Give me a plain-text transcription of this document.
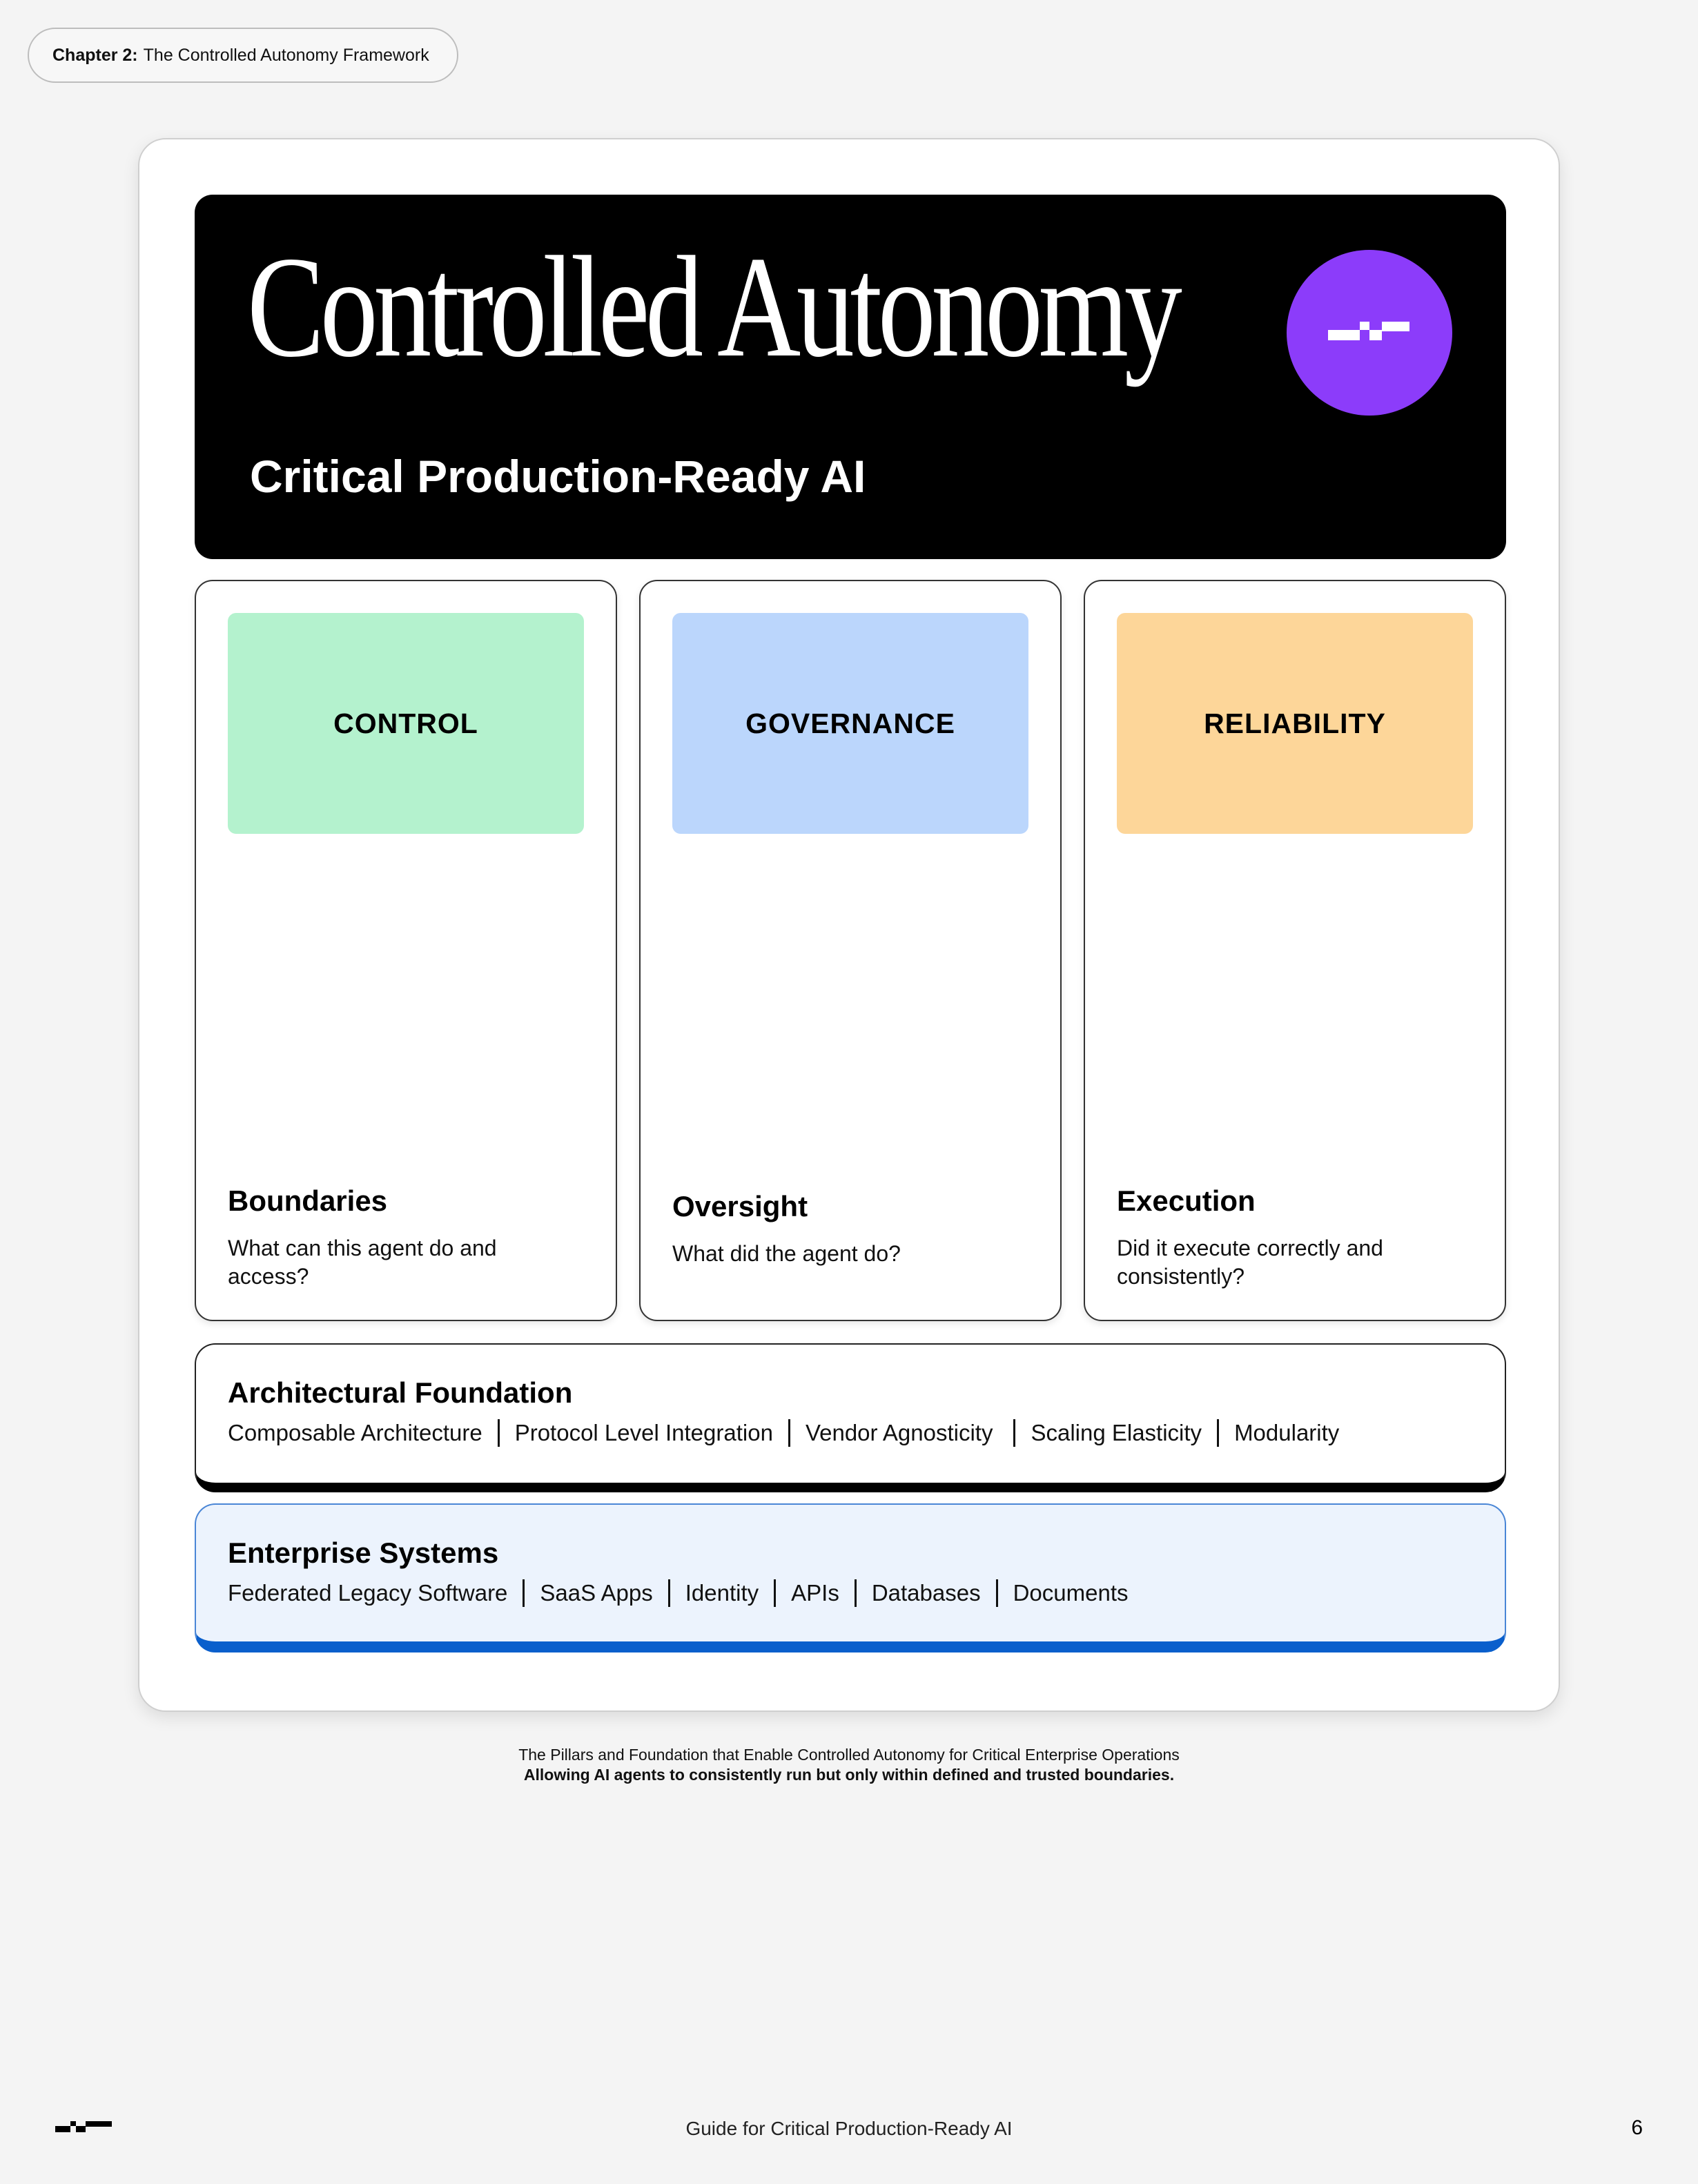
Chapter 2: The Controlled Autonomy Framework
Controlled Autonomy
Critical Production-Ready AI
CONTROL
Boundaries
What can this agent do and access?
GOVERNANCE
Oversight
What did the agent do?
RELIABILITY
Execution
Did it execute correctly and consistently?
Architectural Foundation
Composable Architecture Protocol Level Integration Vendor Agnosticity Scaling Elasticity Modularity
Enterprise Systems
Federated Legacy Software SaaS Apps Identity APIs Databases Documents
The Pillars and Foundation that Enable Controlled Autonomy for Critical Enterprise Operations
Allowing AI agents to consistently run but only within defined and trusted boundaries.
Guide for Critical Production-Ready AI	6
